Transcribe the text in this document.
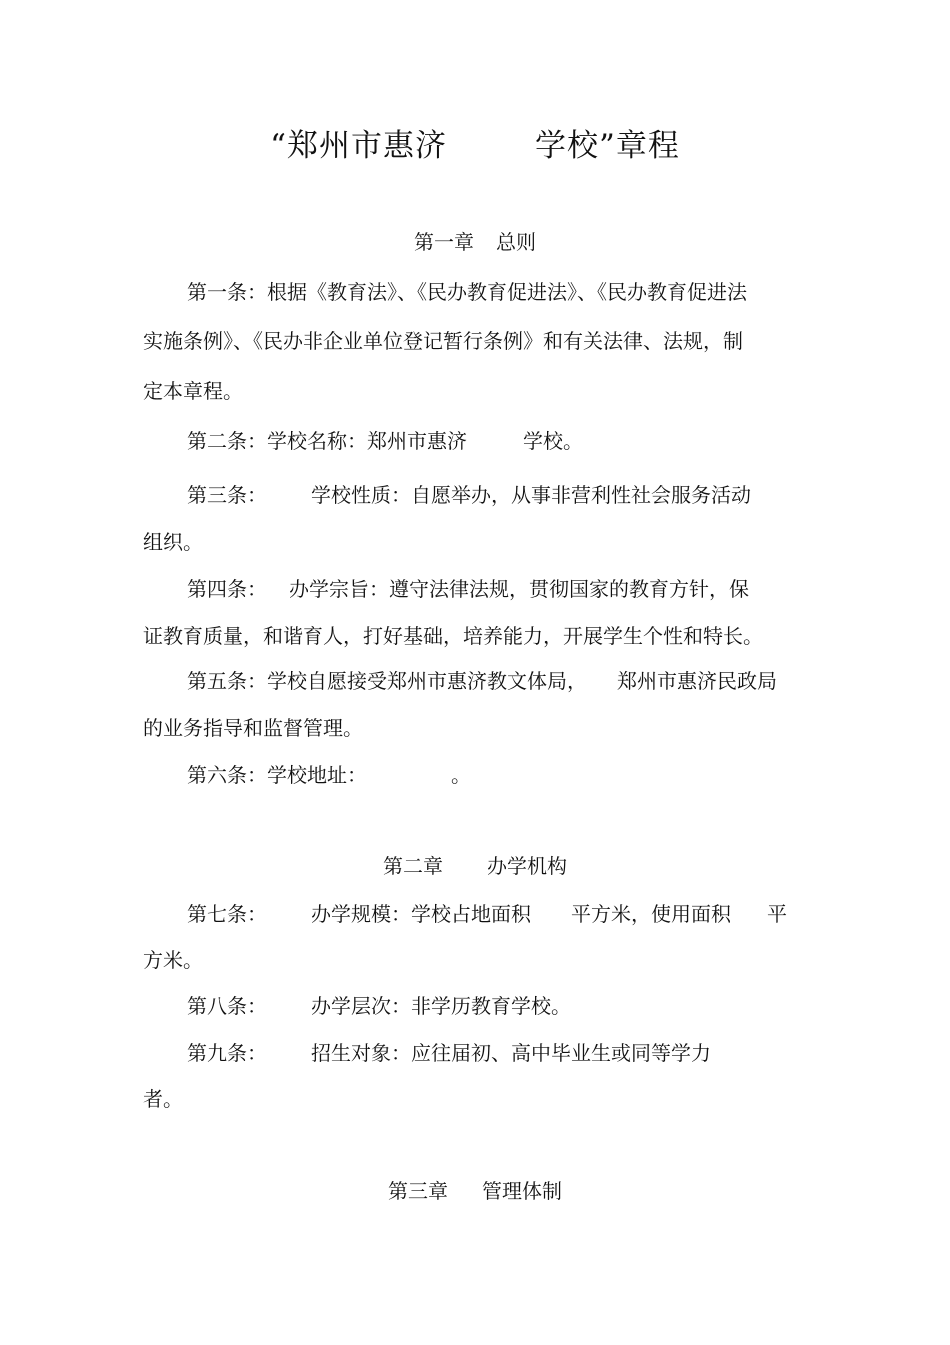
“郑州市惠济	学校”章程
第一章 总则
第一条：根据《教育法》、《民办教育促进法》、《民办教育促进法
实施条例》、《民办非企业单位登记暂行条例》和有关法律、法规，制
定本章程。
第二条：学校名称：郑州市惠济	学校。
第三条： 学校性质：自愿举办，从事非营利性社会服务活动
组织。
第四条： 办学宗旨：遵守法律法规，贯彻国家的教育方针，保
证教育质量，和谐育人，打好基础，培养能力，开展学生个性和特长。
第五条：学校自愿接受郑州市惠济教文体局， 郑州市惠济民政局
的业务指导和监督管理。
第六条：学校地址：	。
第二章 办学机构
第七条： 办学规模：学校占地面积 平方米，使用面积 平
方米。
第八条： 办学层次：非学历教育学校。
第九条： 招生对象：应往届初、高中毕业生或同等学力
者。
第三章 管理体制
